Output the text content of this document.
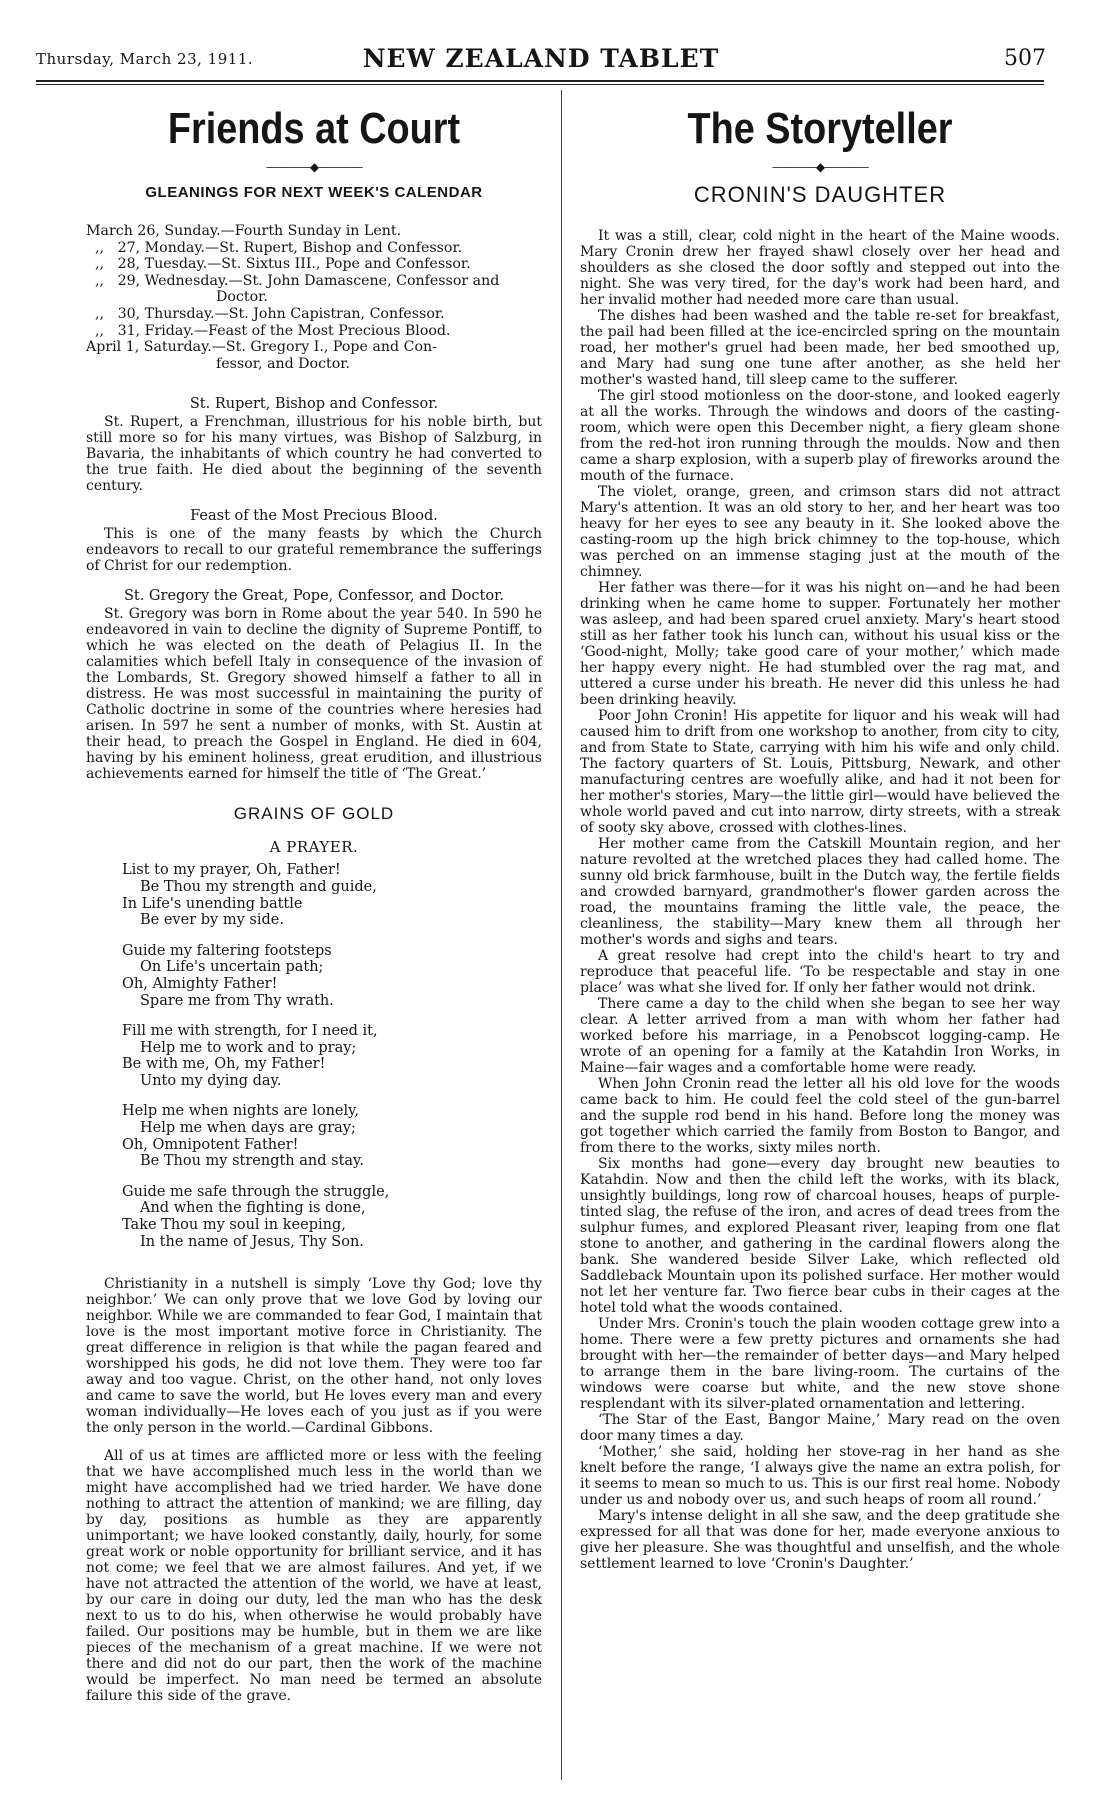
Thursday, March 23, 1911.	NEW ZEALAND TABLET	507
Friends at Court
————◆————
GLEANINGS FOR NEXT WEEK'S CALENDAR
March 26, Sunday.—Fourth Sunday in Lent.
,,   27, Monday.—St. Rupert, Bishop and Confessor.
,,   28, Tuesday.—St. Sixtus III., Pope and Confessor.
,,   29, Wednesday.—St. John Damascene, Confessor and
Doctor.
,,   30, Thursday.—St. John Capistran, Confessor.
,,   31, Friday.—Feast of the Most Precious Blood.
April 1, Saturday.—St. Gregory I., Pope and Con-
fessor, and Doctor.
St. Rupert, Bishop and Confessor.

St. Rupert, a Frenchman, illustrious for his noble birth, but still more so for his many virtues, was Bishop of Salzburg, in Bavaria, the inhabitants of which country he had converted to the true faith. He died about the beginning of the seventh century.

Feast of the Most Precious Blood.

This is one of the many feasts by which the Church endeavors to recall to our grateful remembrance the sufferings of Christ for our redemption.

St. Gregory the Great, Pope, Confessor, and Doctor.

St. Gregory was born in Rome about the year 540. In 590 he endeavored in vain to decline the dignity of Supreme Pontiff, to which he was elected on the death of Pelagius II. In the calamities which befell Italy in consequence of the invasion of the Lombards, St. Gregory showed himself a father to all in distress. He was most successful in maintaining the purity of Catholic doctrine in some of the countries where heresies had arisen. In 597 he sent a number of monks, with St. Austin at their head, to preach the Gospel in England. He died in 604, having by his eminent holiness, great erudition, and illustrious achievements earned for himself the title of ‘The Great.’

GRAINS OF GOLD
A PRAYER.
List to my prayer, Oh, Father!
Be Thou my strength and guide,
In Life's unending battle
Be ever by my side.
Guide my faltering footsteps
On Life's uncertain path;
Oh, Almighty Father!
Spare me from Thy wrath.
Fill me with strength, for I need it,
Help me to work and to pray;
Be with me, Oh, my Father!
Unto my dying day.
Help me when nights are lonely,
Help me when days are gray;
Oh, Omnipotent Father!
Be Thou my strength and stay.
Guide me safe through the struggle,
And when the fighting is done,
Take Thou my soul in keeping,
In the name of Jesus, Thy Son.

Christianity in a nutshell is simply ‘Love thy God; love thy neighbor.’ We can only prove that we love God by loving our neighbor. While we are commanded to fear God, I maintain that love is the most important motive force in Christianity. The great difference in religion is that while the pagan feared and worshipped his gods, he did not love them. They were too far away and too vague. Christ, on the other hand, not only loves and came to save the world, but He loves every man and every woman individually—He loves each of you just as if you were the only person in the world.—Cardinal Gibbons.

All of us at times are afflicted more or less with the feeling that we have accomplished much less in the world than we might have accomplished had we tried harder. We have done nothing to attract the attention of mankind; we are filling, day by day, positions as humble as they are apparently unimportant; we have looked constantly, daily, hourly, for some great work or noble opportunity for brilliant service, and it has not come; we feel that we are almost failures. And yet, if we have not attracted the attention of the world, we have at least, by our care in doing our duty, led the man who has the desk next to us to do his, when otherwise he would probably have failed. Our positions may be humble, but in them we are like pieces of the mechanism of a great machine. If we were not there and did not do our part, then the work of the machine would be imperfect. No man need be termed an absolute failure this side of the grave.

The Storyteller
————◆————
CRONIN'S DAUGHTER

It was a still, clear, cold night in the heart of the Maine woods. Mary Cronin drew her frayed shawl closely over her head and shoulders as she closed the door softly and stepped out into the night. She was very tired, for the day's work had been hard, and her invalid mother had needed more care than usual.

The dishes had been washed and the table re-set for breakfast, the pail had been filled at the ice-encircled spring on the mountain road, her mother's gruel had been made, her bed smoothed up, and Mary had sung one tune after another, as she held her mother's wasted hand, till sleep came to the sufferer.

The girl stood motionless on the door-stone, and looked eagerly at all the works. Through the windows and doors of the casting-room, which were open this December night, a fiery gleam shone from the red-hot iron running through the moulds. Now and then came a sharp explosion, with a superb play of fireworks around the mouth of the furnace.

The violet, orange, green, and crimson stars did not attract Mary's attention. It was an old story to her, and her heart was too heavy for her eyes to see any beauty in it. She looked above the casting-room up the high brick chimney to the top-house, which was perched on an immense staging just at the mouth of the chimney.

Her father was there—for it was his night on—and he had been drinking when he came home to supper. Fortunately her mother was asleep, and had been spared cruel anxiety. Mary's heart stood still as her father took his lunch can, without his usual kiss or the ‘Good-night, Molly; take good care of your mother,’ which made her happy every night. He had stumbled over the rag mat, and uttered a curse under his breath. He never did this unless he had been drinking heavily.

Poor John Cronin! His appetite for liquor and his weak will had caused him to drift from one workshop to another, from city to city, and from State to State, carrying with him his wife and only child. The factory quarters of St. Louis, Pittsburg, Newark, and other manufacturing centres are woefully alike, and had it not been for her mother's stories, Mary—the little girl—would have believed the whole world paved and cut into narrow, dirty streets, with a streak of sooty sky above, crossed with clothes-lines.

Her mother came from the Catskill Mountain region, and her nature revolted at the wretched places they had called home. The sunny old brick farmhouse, built in the Dutch way, the fertile fields and crowded barnyard, grandmother's flower garden across the road, the mountains framing the little vale, the peace, the cleanliness, the stability—Mary knew them all through her mother's words and sighs and tears.

A great resolve had crept into the child's heart to try and reproduce that peaceful life. ‘To be respectable and stay in one place’ was what she lived for. If only her father would not drink.

There came a day to the child when she began to see her way clear. A letter arrived from a man with whom her father had worked before his marriage, in a Penobscot logging-camp. He wrote of an opening for a family at the Katahdin Iron Works, in Maine—fair wages and a comfortable home were ready.

When John Cronin read the letter all his old love for the woods came back to him. He could feel the cold steel of the gun-barrel and the supple rod bend in his hand. Before long the money was got together which carried the family from Boston to Bangor, and from there to the works, sixty miles north.

Six months had gone—every day brought new beauties to Katahdin. Now and then the child left the works, with its black, unsightly buildings, long row of charcoal houses, heaps of purple-tinted slag, the refuse of the iron, and acres of dead trees from the sulphur fumes, and explored Pleasant river, leaping from one flat stone to another, and gathering in the cardinal flowers along the bank. She wandered beside Silver Lake, which reflected old Saddleback Mountain upon its polished surface. Her mother would not let her venture far. Two fierce bear cubs in their cages at the hotel told what the woods contained.

Under Mrs. Cronin's touch the plain wooden cottage grew into a home. There were a few pretty pictures and ornaments she had brought with her—the remainder of better days—and Mary helped to arrange them in the bare living-room. The curtains of the windows were coarse but white, and the new stove shone resplendant with its silver-plated ornamentation and lettering.

‘The Star of the East, Bangor Maine,’ Mary read on the oven door many times a day.

‘Mother,’ she said, holding her stove-rag in her hand as she knelt before the range, ‘I always give the name an extra polish, for it seems to mean so much to us. This is our first real home. Nobody under us and nobody over us, and such heaps of room all round.’

Mary's intense delight in all she saw, and the deep gratitude she expressed for all that was done for her, made everyone anxious to give her pleasure. She was thoughtful and unselfish, and the whole settlement learned to love ‘Cronin's Daughter.’
